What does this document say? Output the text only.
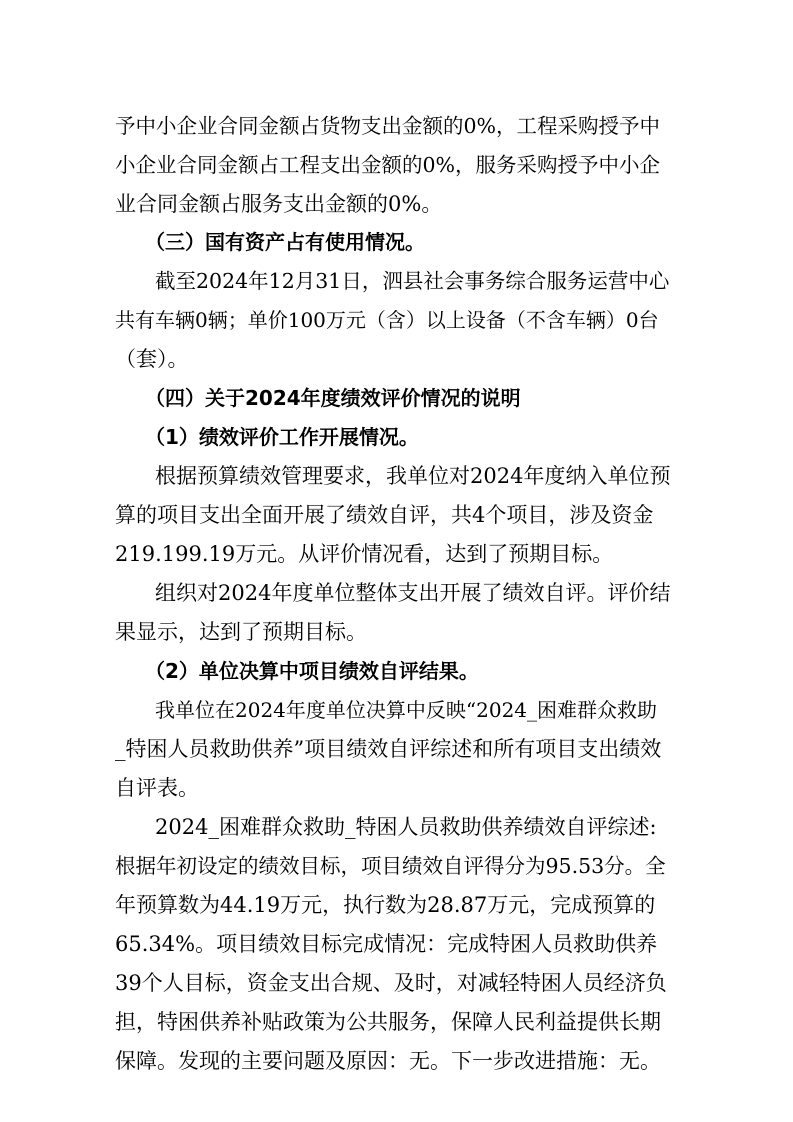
予中小企业合同金额占货物支出金额的0%，工程采购授予中
小企业合同金额占工程支出金额的0%，服务采购授予中小企
业合同金额占服务支出金额的0%。
（三）国有资产占有使用情况。
截至2024年12月31日，泗县社会事务综合服务运营中心
共有车辆0辆；单价100万元（含）以上设备（不含车辆）0台
（套）。
（四）关于2024年度绩效评价情况的说明
（1）绩效评价工作开展情况。
根据预算绩效管理要求，我单位对2024年度纳入单位预
算的项目支出全面开展了绩效自评，共4个项目，涉及资金
219.199.19万元。从评价情况看，达到了预期目标。
组织对2024年度单位整体支出开展了绩效自评。评价结
果显示，达到了预期目标。
（2）单位决算中项目绩效自评结果。
我单位在2024年度单位决算中反映“2024_困难群众救助
_特困人员救助供养”项目绩效自评综述和所有项目支出绩效
自评表。
2024_困难群众救助_特困人员救助供养绩效自评综述:
根据年初设定的绩效目标，项目绩效自评得分为95.53分。全
年预算数为44.19万元，执行数为28.87万元，完成预算的
65.34%。项目绩效目标完成情况：完成特困人员救助供养
39个人目标，资金支出合规、及时，对减轻特困人员经济负
担，特困供养补贴政策为公共服务，保障人民利益提供长期
保障。发现的主要问题及原因：无。下一步改进措施：无。
